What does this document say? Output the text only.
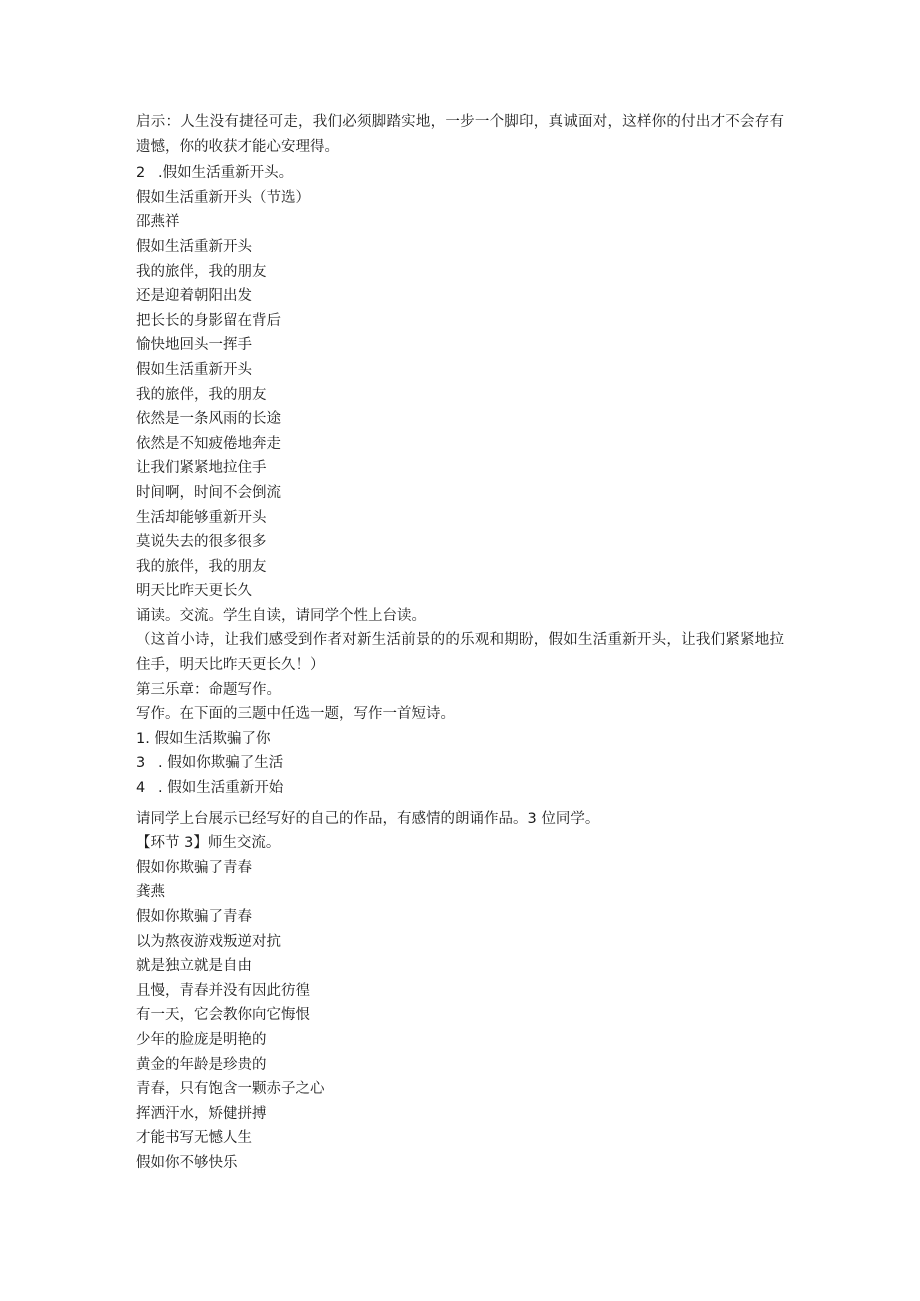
启示：人生没有捷径可走，我们必须脚踏实地，一步一个脚印，真诚面对，这样你的付出才不会存有遗憾，你的收获才能心安理得。
2 .假如生活重新开头。
假如生活重新开头（节选）
邵燕祥
假如生活重新开头
我的旅伴，我的朋友
还是迎着朝阳出发
把长长的身影留在背后
愉快地回头一挥手
假如生活重新开头
我的旅伴，我的朋友
依然是一条风雨的长途
依然是不知疲倦地奔走
让我们紧紧地拉住手
时间啊，时间不会倒流
生活却能够重新开头
莫说失去的很多很多
我的旅伴，我的朋友
明天比昨天更长久
诵读。交流。学生自读，请同学个性上台读。
（这首小诗，让我们感受到作者对新生活前景的的乐观和期盼，假如生活重新开头，让我们紧紧地拉住手，明天比昨天更长久！）
第三乐章：命题写作。
写作。在下面的三题中任选一题，写作一首短诗。
1. 假如生活欺骗了你
3 . 假如你欺骗了生活
4 . 假如生活重新开始
请同学上台展示已经写好的自己的作品，有感情的朗诵作品。3 位同学。
【环节 3】师生交流。
假如你欺骗了青春
龚燕
假如你欺骗了青春
以为熬夜游戏叛逆对抗
就是独立就是自由
且慢，青春并没有因此彷徨
有一天，它会教你向它悔恨
少年的脸庞是明艳的
黄金的年龄是珍贵的
青春，只有饱含一颗赤子之心
挥洒汗水，矫健拼搏
才能书写无憾人生
假如你不够快乐
